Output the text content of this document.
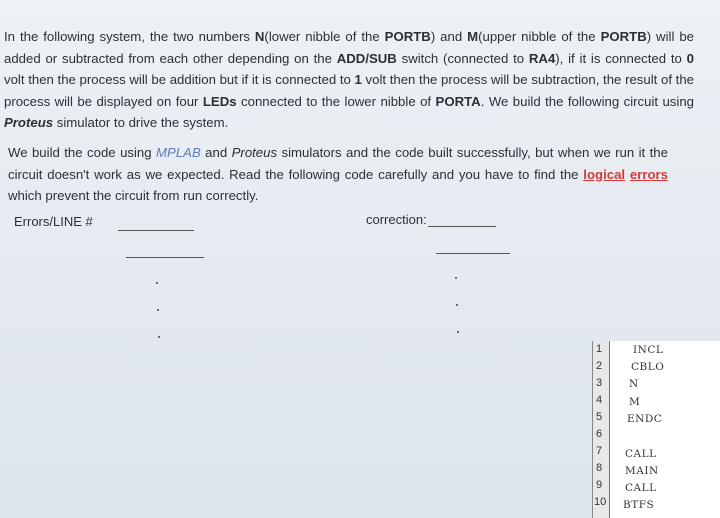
In the following system, the two numbers N(lower nibble of the PORTB) and M(upper nibble of the PORTB) will be added or subtracted from each other depending on the ADD/SUB switch (connected to RA4), if it is connected to 0 volt then the process will be addition but if it is connected to 1 volt then the process will be subtraction, the result of the process will be displayed on four LEDs connected to the lower nibble of PORTA. We build the following circuit using Proteus simulator to drive the system.
We build the code using MPLAB and Proteus simulators and the code built successfully, but when we run it the circuit doesn't work as we expected. Read the following code carefully and you have to find the logical errors which prevent the circuit from run correctly.
Errors/LINE #	correction:
1
2
3
4
5
6
7
8
9
10
INCL
CBLO
N
M
ENDC
CALL
MAIN
CALL
BTFS
